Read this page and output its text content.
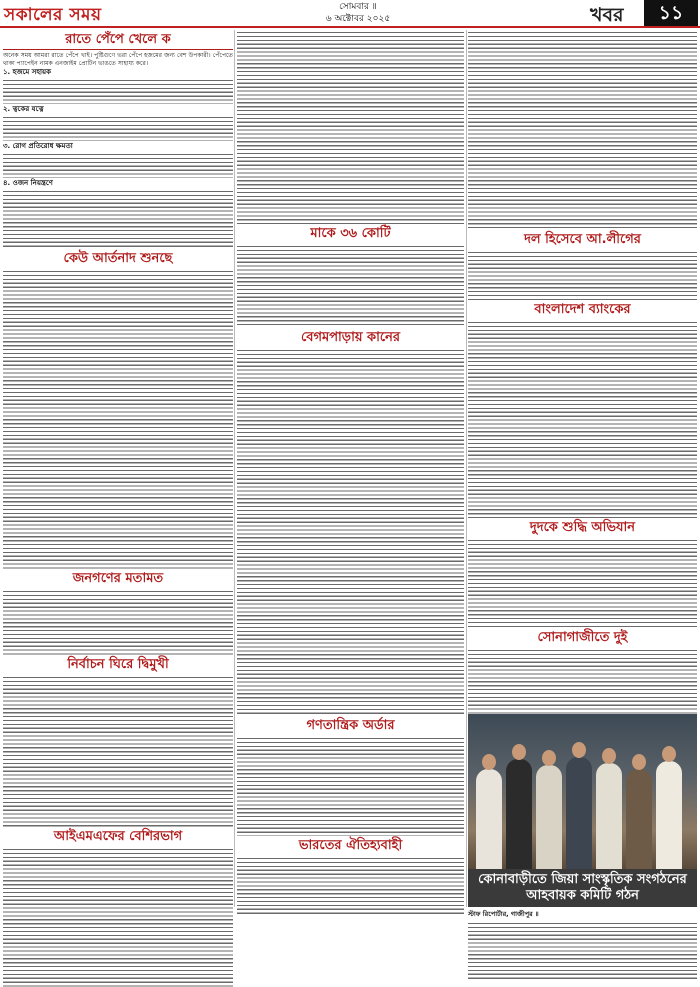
সকালের সময়	সোমবার ॥
৬ অক্টোবর ২০২৫	খবর	১১
রাতে পেঁপে খেলে ক

অনেক সময় আমরা রাতে পেঁপে খাই। পুষ্টিগুণে ভরা পেঁপে হজমের জন্য বেশ উপকারী। পেঁপেতে থাকা প্যাপেইন নামক এনজাইম প্রোটিন ভাঙতে সাহায্য করে।

১. হজমে সহায়ক
২. ত্বকের যত্নে
৩. রোগ প্রতিরোধ ক্ষমতা
৪. ওজন নিয়ন্ত্রণে
কেউ আর্তনাদ শুনছে
জনগণের মতামত
নির্বাচন ঘিরে দ্বিমুখী
আইএমএফের বেশিরভাগ
মাকে ৩৬ কোটি
বেগমপাড়ায় কানের
গণতান্ত্রিক অর্ডার
ভারতের ঐতিহ্যবাহী
দল হিসেবে আ.লীগের
বাংলাদেশ ব্যাংকের
দুদকে শুদ্ধি অভিযান
সোনাগাজীতে দুই
কোনাবাড়ীতে জিয়া সাংস্কৃতিক সংগঠনের আহবায়ক কমিটি গঠন
স্টাফ রিপোর্টার, গাজীপুর ॥
